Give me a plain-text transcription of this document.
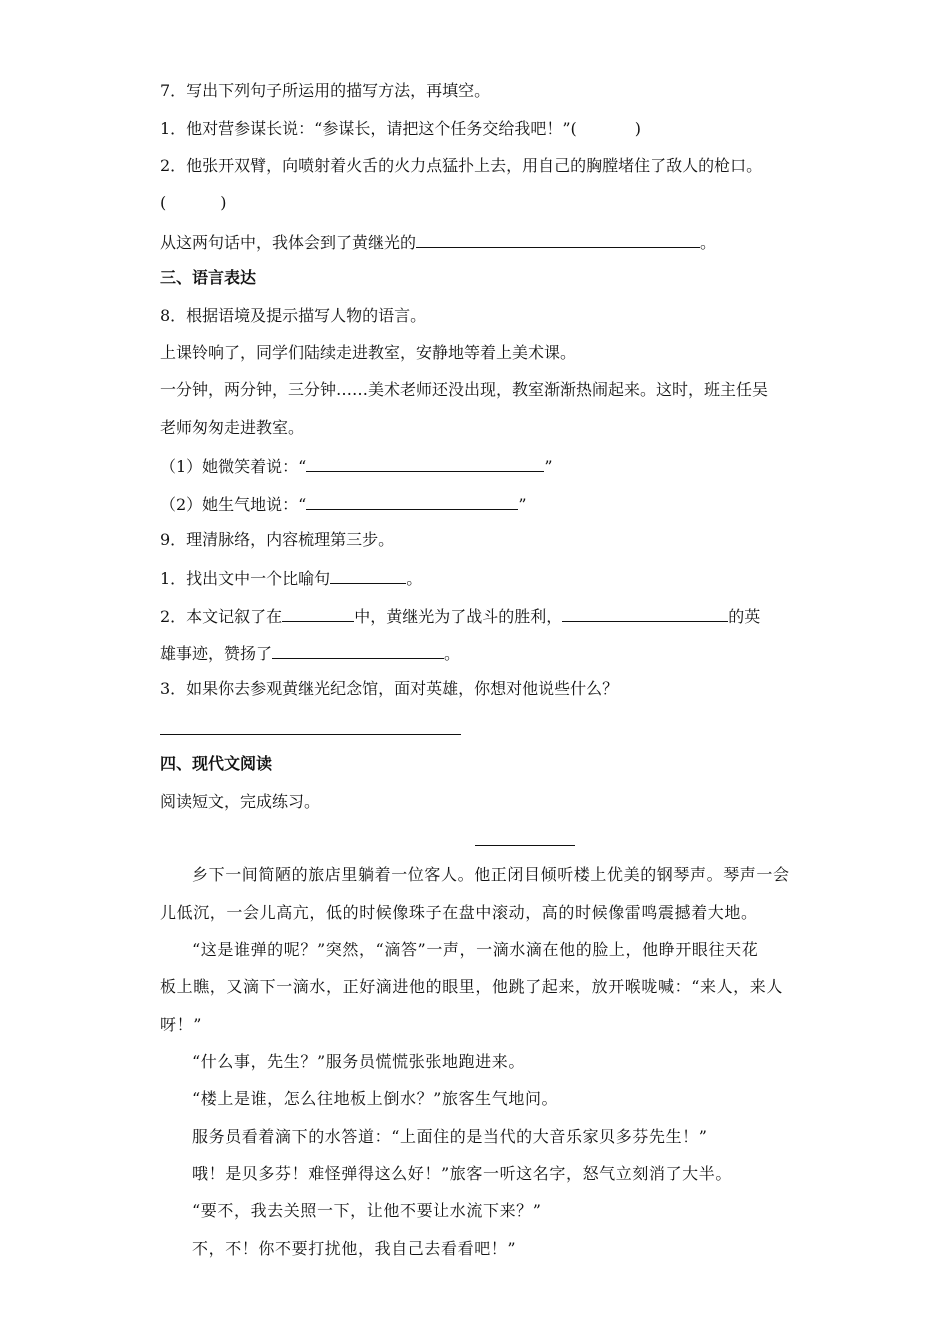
7．写出下列句子所运用的描写方法，再填空。
1．他对营参谋长说：“参谋长，请把这个任务交给我吧！”(	)
2．他张开双臂，向喷射着火舌的火力点猛扑上去，用自己的胸膛堵住了敌人的枪口。
(	)
从这两句话中，我体会到了黄继光的	。
三、语言表达
8．根据语境及提示描写人物的语言。
上课铃响了，同学们陆续走进教室，安静地等着上美术课。
一分钟，两分钟，三分钟……美术老师还没出现，教室渐渐热闹起来。这时，班主任吴
老师匆匆走进教室。
（1）她微笑着说：“	”
（2）她生气地说：“	”
9．理清脉络，内容梳理第三步。
1．找出文中一个比喻句	。
2．本文记叙了在	中，黄继光为了战斗的胜利，	的英
雄事迹，赞扬了	。
3．如果你去参观黄继光纪念馆，面对英雄，你想对他说些什么？
四、现代文阅读
阅读短文，完成练习。
乡下一间简陋的旅店里躺着一位客人。他正闭目倾听楼上优美的钢琴声。琴声一会
儿低沉，一会儿高亢，低的时候像珠子在盘中滚动，高的时候像雷鸣震撼着大地。
“这是谁弹的呢？”突然，“滴答”一声，一滴水滴在他的脸上，他睁开眼往天花
板上瞧，又滴下一滴水，正好滴进他的眼里，他跳了起来，放开喉咙喊：“来人，来人
呀！”
“什么事，先生？”服务员慌慌张张地跑进来。
“楼上是谁，怎么往地板上倒水？”旅客生气地问。
服务员看着滴下的水答道：“上面住的是当代的大音乐家贝多芬先生！”
哦！是贝多芬！难怪弹得这么好！”旅客一听这名字，怒气立刻消了大半。
“要不，我去关照一下，让他不要让水流下来？”
不，不！你不要打扰他，我自己去看看吧！”
